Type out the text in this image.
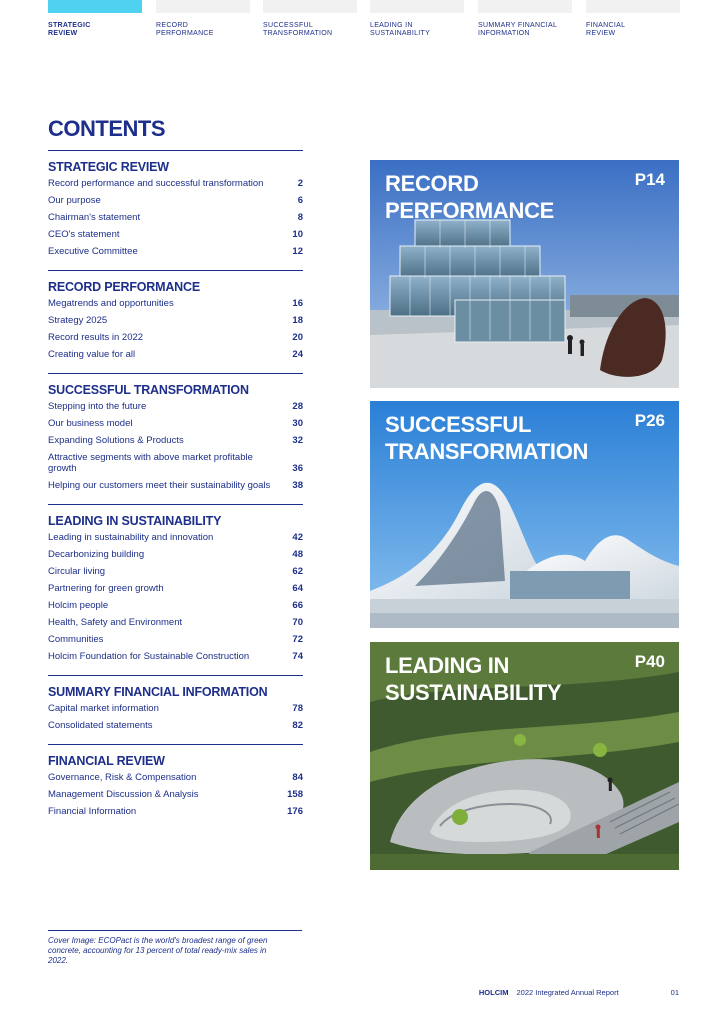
STRATEGIC
REVIEW
RECORD
PERFORMANCE
SUCCESSFUL
TRANSFORMATION
LEADING IN
SUSTAINABILITY
SUMMARY FINANCIAL
INFORMATION
FINANCIAL
REVIEW
CONTENTS
STRATEGIC REVIEW
Record performance and successful transformation	2
Our purpose	6
Chairman's statement	8
CEO's statement	10
Executive Committee	12
RECORD PERFORMANCE
Megatrends and opportunities	16
Strategy 2025	18
Record results in 2022	20
Creating value for all	24
SUCCESSFUL TRANSFORMATION
Stepping into the future	28
Our business model	30
Expanding Solutions & Products	32
Attractive segments with above market profitable growth	36
Helping our customers meet their sustainability goals	38
LEADING IN SUSTAINABILITY
Leading in sustainability and innovation	42
Decarbonizing building	48
Circular living	62
Partnering for green growth	64
Holcim people	66
Health, Safety and Environment	70
Communities	72
Holcim Foundation for Sustainable Construction	74
SUMMARY FINANCIAL INFORMATION
Capital market information	78
Consolidated statements	82
FINANCIAL REVIEW
Governance, Risk & Compensation	84
Management Discussion & Analysis	158
Financial Information	176
RECORD
PERFORMANCE
P14
SUCCESSFUL
TRANSFORMATION
P26
LEADING IN
SUSTAINABILITY
P40
Cover Image: ECOPact is the world's broadest range of green concrete, accounting for 13 percent of total ready-mix sales in 2022.
HOLCIM 2022 Integrated Annual Report	01
